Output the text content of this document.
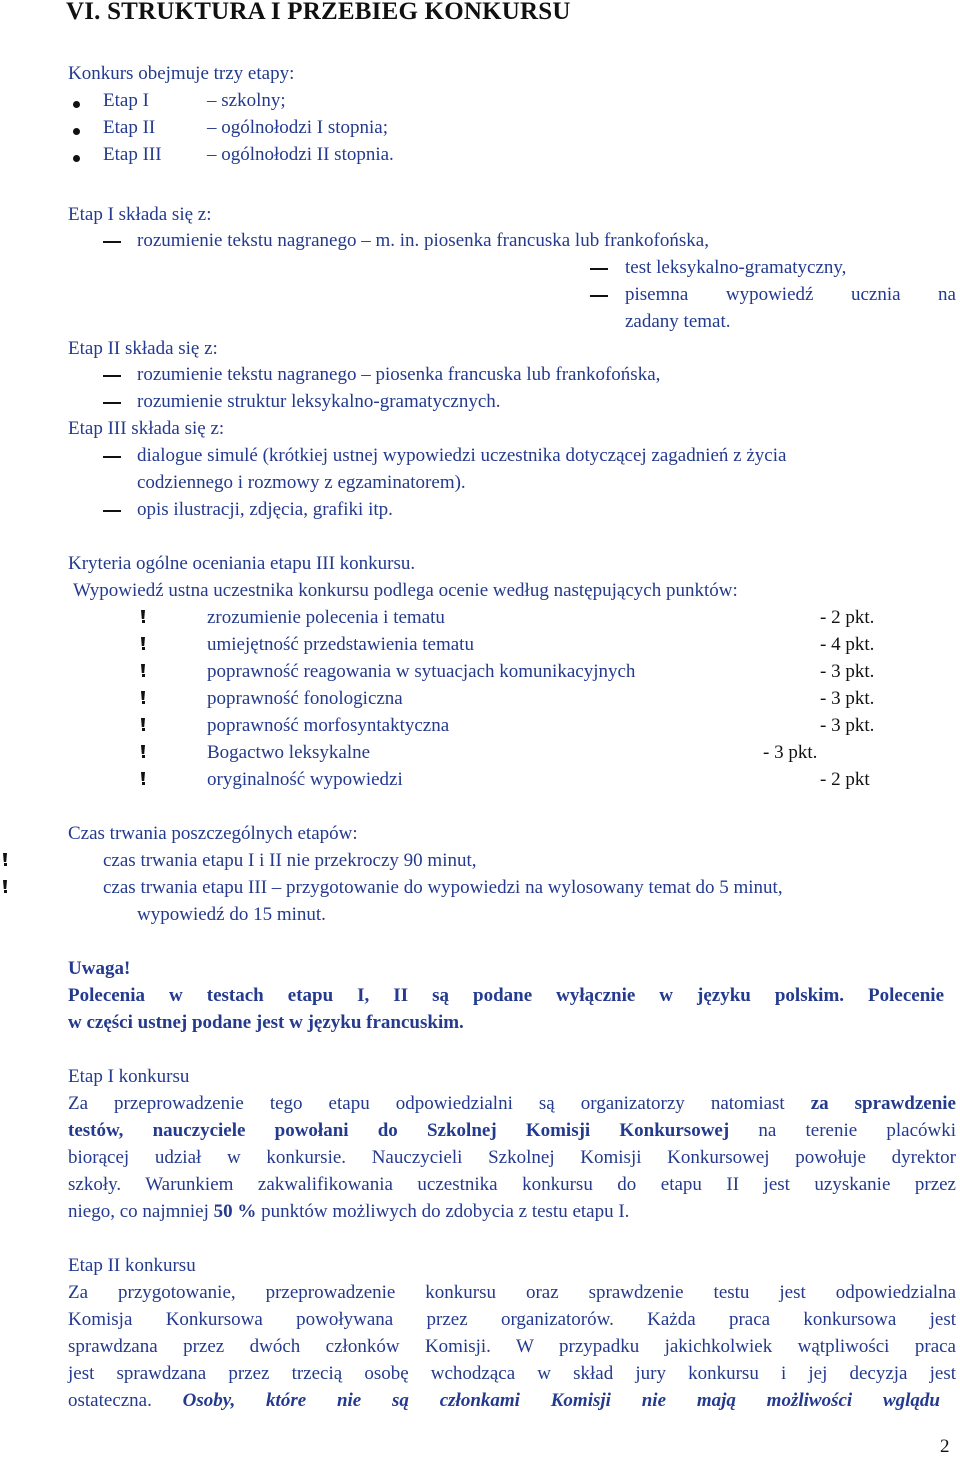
VI. STRUKTURA I PRZEBIEG KONKURSU
Konkurs obejmuje trzy etapy:
Etap I	– szkolny;
Etap II	– ogólnołodzi I stopnia;
Etap III – ogólnołodzi II stopnia.
Etap I składa się z:
rozumienie tekstu nagranego – m. in. piosenka francuska lub frankofońska,
test leksykalno-gramatyczny,
pisemna wypowiedź ucznia na
zadany temat.
Etap II składa się z:
rozumienie tekstu nagranego – piosenka francuska lub frankofońska,
rozumienie struktur leksykalno-gramatycznych.
Etap III składa się z:
dialogue simulé (krótkiej ustnej wypowiedzi uczestnika dotyczącej zagadnień z życia
codziennego i rozmowy z egzaminatorem).
opis ilustracji, zdjęcia, grafiki itp.
Kryteria ogólne oceniania etapu III konkursu.
Wypowiedź ustna uczestnika konkursu podlega ocenie według następujących punktów:
zrozumienie polecenia i tematu	- 2 pkt.
umiejętność przedstawienia tematu	- 4 pkt.
poprawność reagowania w sytuacjach komunikacyjnych	- 3 pkt.
poprawność fonologiczna	- 3 pkt.
poprawność morfosyntaktyczna	- 3 pkt.
Bogactwo leksykalne	- 3 pkt.
oryginalność wypowiedzi	- 2 pkt
Czas trwania poszczególnych etapów:
czas trwania etapu I i II nie przekroczy 90 minut,
czas trwania etapu III – przygotowanie do wypowiedzi na wylosowany temat do 5 minut,
wypowiedź do 15 minut.
Uwaga!
Polecenia w testach etapu I, II są podane wyłącznie w języku polskim. Polecenie
w części ustnej podane jest w języku francuskim.
Etap I konkursu
Za przeprowadzenie tego etapu odpowiedzialni są organizatorzy natomiast za sprawdzenie
testów, nauczyciele powołani do Szkolnej Komisji Konkursowej na terenie placówki
biorącej udział w konkursie. Nauczycieli Szkolnej Komisji Konkursowej powołuje dyrektor
szkoły. Warunkiem zakwalifikowania uczestnika konkursu do etapu II jest uzyskanie przez
niego, co najmniej 50 % punktów możliwych do zdobycia z testu etapu I.
Etap II konkursu
Za przygotowanie, przeprowadzenie konkursu oraz sprawdzenie testu jest odpowiedzialna
Komisja Konkursowa powoływana przez organizatorów. Każda praca konkursowa jest
sprawdzana przez dwóch członków Komisji. W przypadku jakichkolwiek wątpliwości praca
jest sprawdzana przez trzecią osobę wchodząca w skład jury konkursu i jej decyzja jest
ostateczna. Osoby, które nie są członkami Komisji nie mają możliwości wglądu
2
